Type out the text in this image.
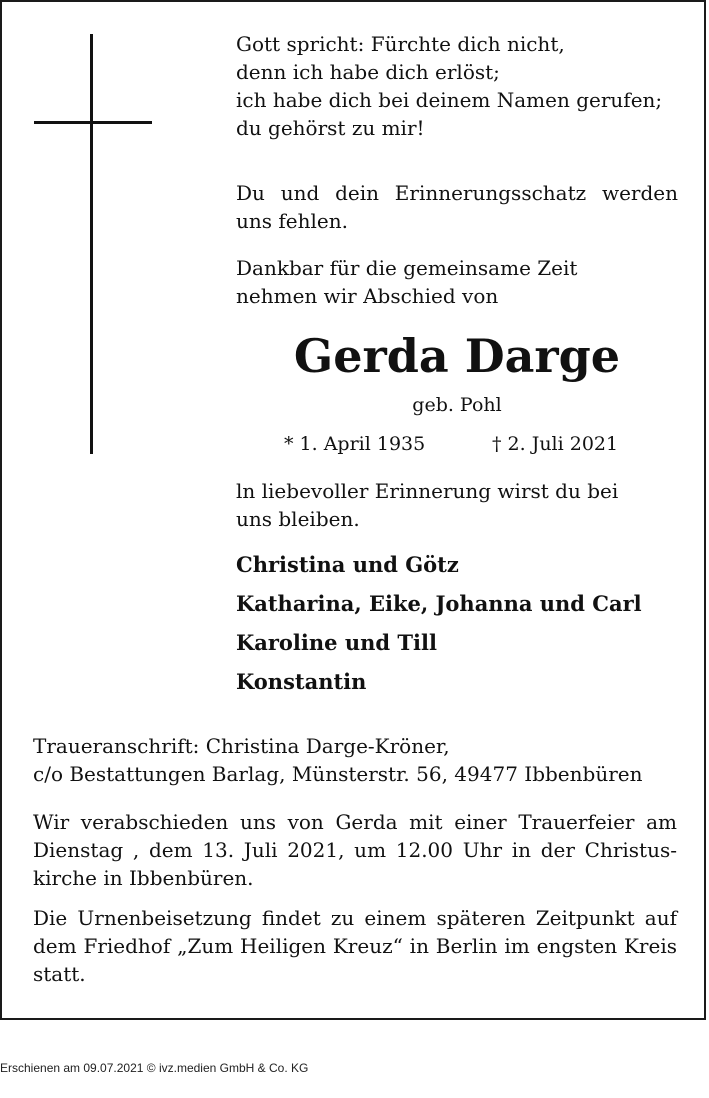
Gott spricht: Fürchte dich nicht,
denn ich habe dich erlöst;
ich habe dich bei deinem Namen gerufen;
du gehörst zu mir!

Du und dein Erinnerungsschatz werden uns fehlen.

Dankbar für die gemeinsame Zeit
nehmen wir Abschied von
Gerda Darge
geb. Pohl
* 1. April 1935	† 2. Juli 2021

ln liebevoller Erinnerung wirst du bei uns bleiben.

Christina und Götz
Katharina, Eike, Johanna und Carl
Karoline und Till
Konstantin
Traueranschrift: Christina Darge-Kröner,
c/o Bestattungen Barlag, Münsterstr. 56, 49477 Ibbenbüren

Wir verabschieden uns von Gerda mit einer Trauerfeier am Dienstag , dem 13. Juli 2021, um 12.00 Uhr in der Christuskirche in Ibbenbüren.

Die Urnenbeisetzung findet zu einem späteren Zeitpunkt auf dem Friedhof „Zum Heiligen Kreuz“ in Berlin im engsten Kreis statt.

Erschienen am 09.07.2021 © ivz.medien GmbH & Co. KG
